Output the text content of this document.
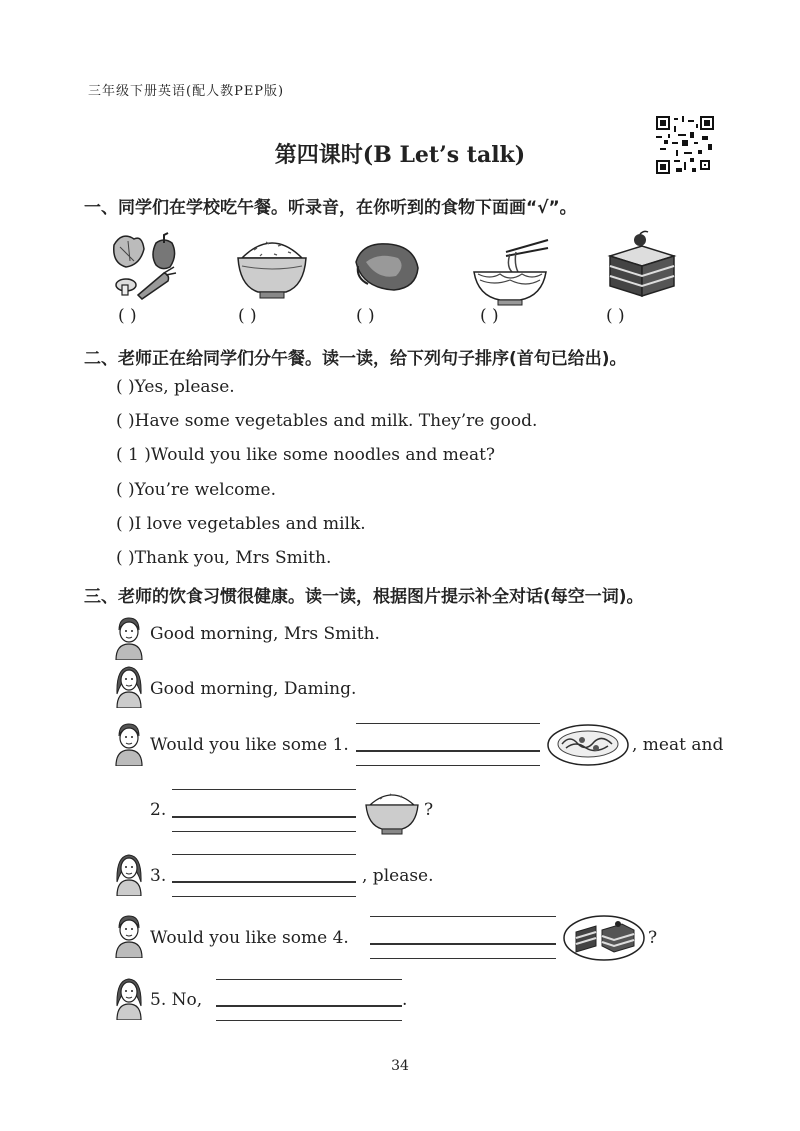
三年级下册英语(配人教PEP版)
第四课时(B Let’s talk)
一、同学们在学校吃午餐。听录音，在你听到的食物下面画“√”。
( )	( )	( )	( )	( )
二、老师正在给同学们分午餐。读一读，给下列句子排序(首句已给出)。
( )Yes, please.
( )Have some vegetables and milk. They’re good.
( 1 )Would you like some noodles and meat?
( )You’re welcome.
( )I love vegetables and milk.
( )Thank you, Mrs Smith.
三、老师的饮食习惯很健康。读一读，根据图片提示补全对话(每空一词)。
Good morning, Mrs Smith.
Good morning, Daming.
Would you like some 1.	, meat and
2.	?
3.	, please.
Would you like some 4.	?
5. No,	.
34
